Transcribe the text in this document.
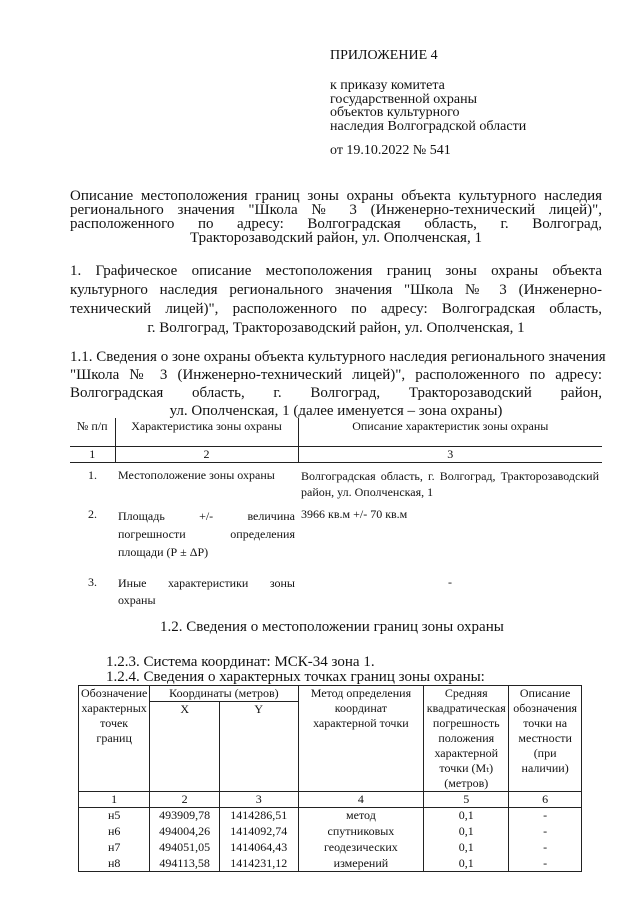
ПРИЛОЖЕНИЕ 4
к приказу комитета
государственной охраны
объектов культурного
наследия Волгоградской области
от 19.10.2022 № 541
Описание местоположения границ зоны охраны объекта культурного наследия
регионального значения "Школа № 3 (Инженерно-технический лицей)",
расположенного по адресу: Волгоградская область, г. Волгоград,
Тракторозаводский район, ул. Ополченская, 1
1. Графическое описание местоположения границ зоны охраны объекта
культурного наследия регионального значения "Школа № 3 (Инженерно-
технический лицей)", расположенного по адресу: Волгоградская область,
г. Волгоград, Тракторозаводский район, ул. Ополченская, 1
1.1. Сведения о зоне охраны объекта культурного наследия регионального значения
"Школа № 3 (Инженерно-технический лицей)", расположенного по адресу:
Волгоградская область, г. Волгоград, Тракторозаводский район,
ул. Ополченская, 1 (далее именуется – зона охраны)
№ п/п	Характеристика зоны охраны	Описание характеристик зоны охраны
1	2	3
1.	Местоположение зоны охраны	Волгоградская область, г. Волгоград, Тракторозаводский район, ул. Ополченская, 1
2.	Площадь +/- величина погрешности определения площади (Р ± ΔР)	3966 кв.м +/- 70 кв.м
3.	Иные характеристики зоны охраны	-
1.2. Сведения о местоположении границ зоны охраны
1.2.3. Система координат: МСК-34 зона 1.
1.2.4. Сведения о характерных точках границ зоны охраны:
Обозначение характерных точек границ	Координаты (метров)		Метод определения координат характерной точки	Средняя квадратическая погрешность положения характерной точки (Mₜ) (метров)	Описание обозначения точки на местности (при наличии)
	X	Y			
1	2	3	4	5	6
н5	493909,78	1414286,51	метод	0,1	-
н6	494004,26	1414092,74	спутниковых	0,1	-
н7	494051,05	1414064,43	геодезических	0,1	-
н8	494113,58	1414231,12	измерений	0,1	-
